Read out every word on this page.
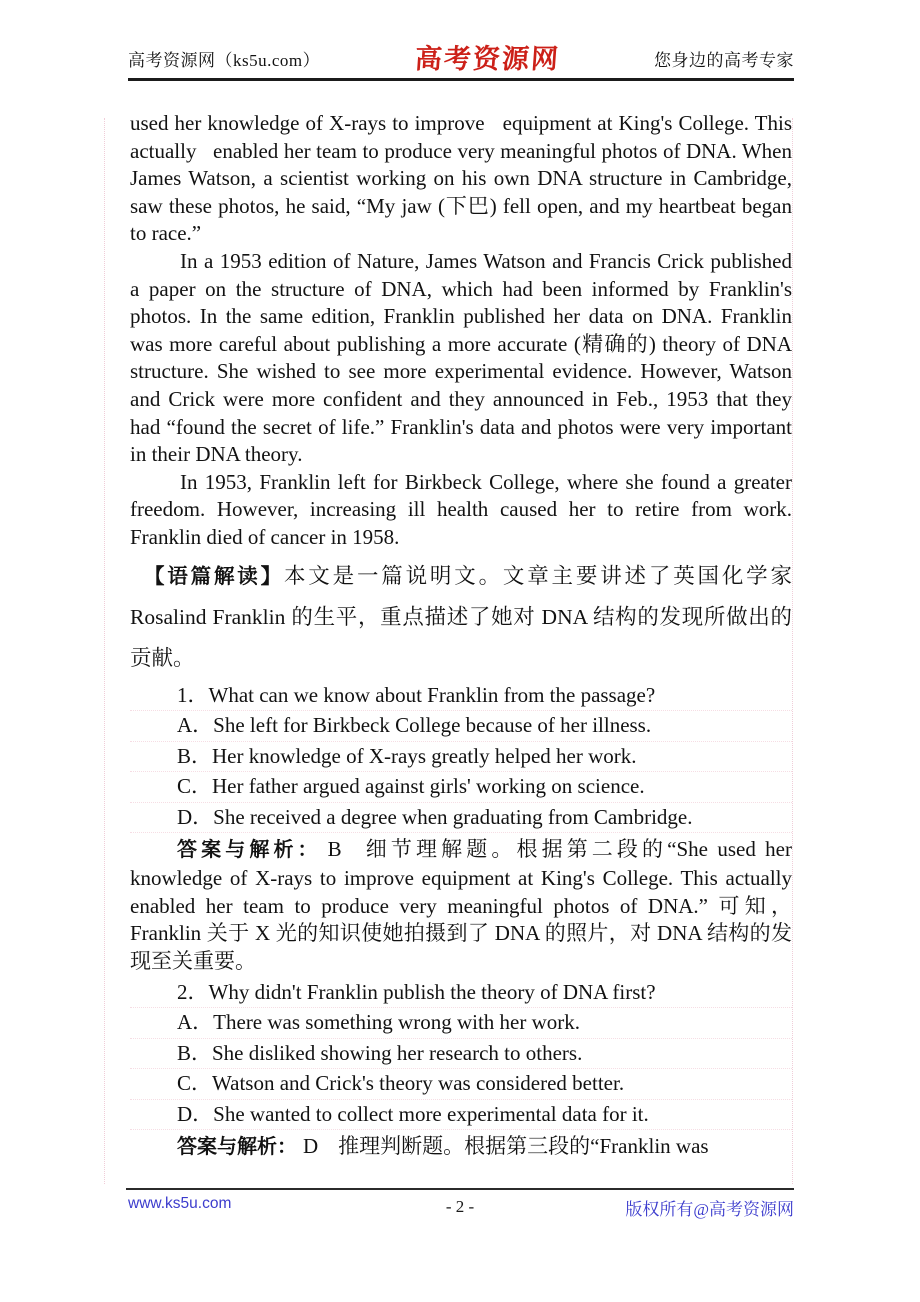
高考资源网（ks5u.com）	高考资源网	您身边的高考专家

used her knowledge of X-rays to improve   equipment at King's College. This actually   enabled her team to produce very meaningful photos of DNA. When James Watson, a scientist working on his own DNA structure in Cambridge, saw these photos, he said, “My jaw (下巴) fell open, and my heartbeat began to race.”

In a 1953 edition of Nature, James Watson and Francis Crick published a paper on the structure of DNA, which had been informed by Franklin's photos. In the same edition, Franklin published her data on DNA. Franklin was more careful about publishing a more accurate (精确的) theory of DNA structure. She wished to see more experimental evidence. However, Watson and Crick were more confident and they announced in Feb., 1953 that they had “found the secret of life.” Franklin's data and photos were very important in their DNA theory.

In 1953, Franklin left for Birkbeck College, where she found a greater freedom. However, increasing ill health caused her to retire from work. Franklin died of cancer in 1958.

【语篇解读】本文是一篇说明文。文章主要讲述了英国化学家 Rosalind Franklin 的生平，重点描述了她对 DNA 结构的发现所做出的贡献。

1．What can we know about Franklin from the passage?
A．She left for Birkbeck College because of her illness.
B．Her knowledge of X-rays greatly helped her work.
C．Her father argued against girls' working on science.
D．She received a degree when graduating from Cambridge.

答案与解析： B 细节理解题。根据第二段的“She used her knowledge of X-rays to improve equipment at King's College. This actually enabled her team to produce very meaningful photos of DNA.” 可知，Franklin 关于 X 光的知识使她拍摄到了 DNA 的照片，对 DNA 结构的发现至关重要。

2．Why didn't Franklin publish the theory of DNA first?
A．There was something wrong with her work.
B．She disliked showing her research to others.
C．Watson and Crick's theory was considered better.
D．She wanted to collect more experimental data for it.

答案与解析： D 推理判断题。根据第三段的“Franklin was

www.ks5u.com	版权所有@高考资源网
- 2 -
